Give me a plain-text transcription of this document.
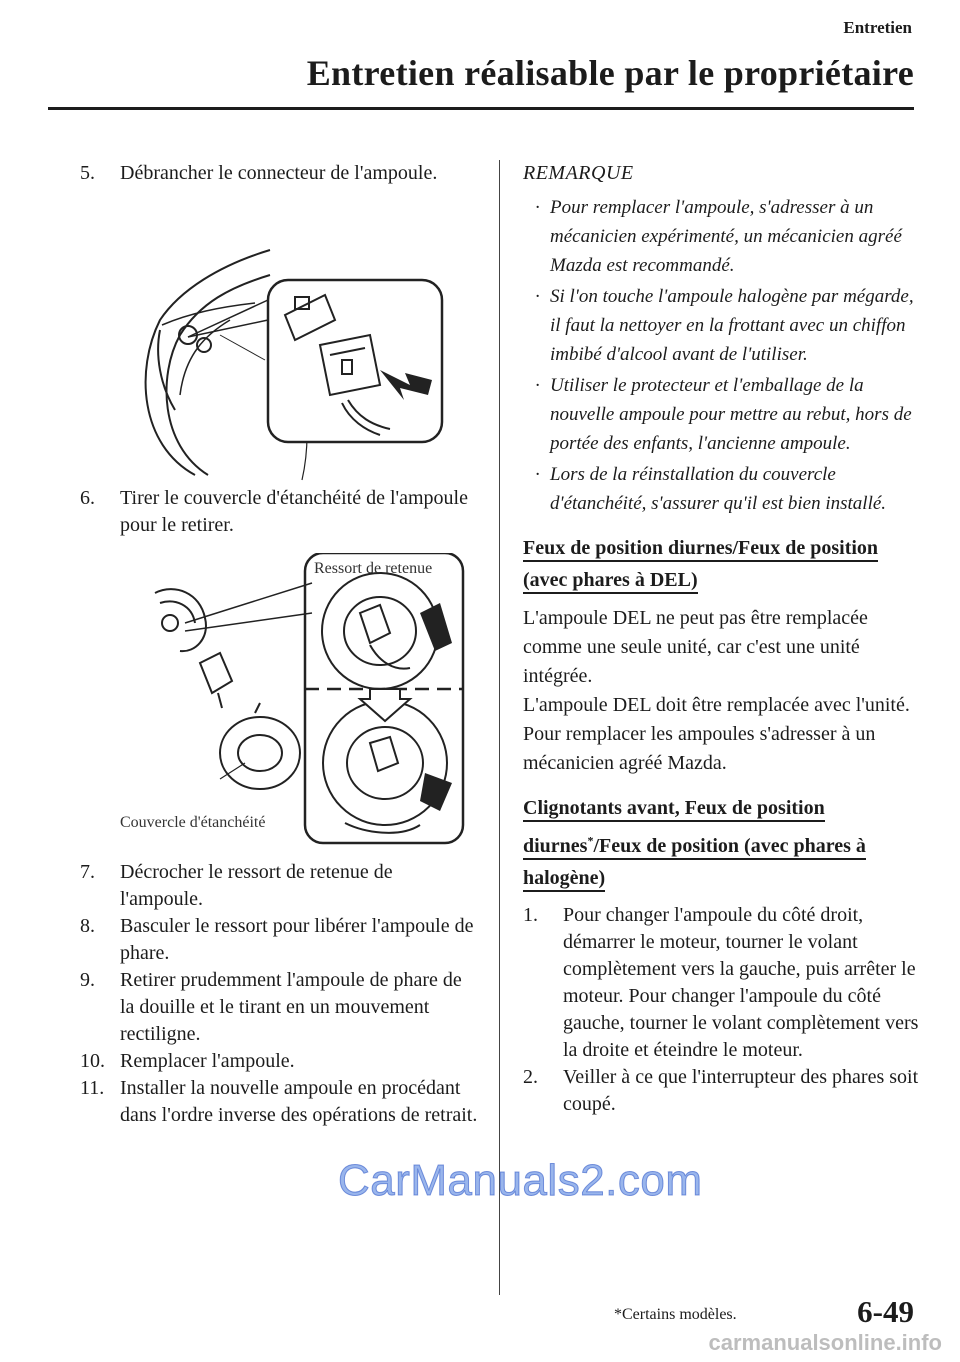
Entretien
Entretien réalisable par le propriétaire

5. Débrancher le connecteur de l'ampoule.

6. Tirer le couvercle d'étanchéité de l'ampoule pour le retirer.

Ressort de retenue
Couvercle d'étanchéité

7. Décrocher le ressort de retenue de l'ampoule.

8. Basculer le ressort pour libérer l'ampoule de phare.

9. Retirer prudemment l'ampoule de phare de la douille et le tirant en un mouvement rectiligne.

10. Remplacer l'ampoule.

11. Installer la nouvelle ampoule en procédant dans l'ordre inverse des opérations de retrait.

REMARQUE
· Pour remplacer l'ampoule, s'adresser à un mécanicien expérimenté, un mécanicien agréé Mazda est recommandé.
· Si l'on touche l'ampoule halogène par mégarde, il faut la nettoyer en la frottant avec un chiffon imbibé d'alcool avant de l'utiliser.
· Utiliser le protecteur et l'emballage de la nouvelle ampoule pour mettre au rebut, hors de portée des enfants, l'ancienne ampoule.
· Lors de la réinstallation du couvercle d'étanchéité, s'assurer qu'il est bien installé.
Feux de position diurnes/Feux de position (avec phares à DEL)

L'ampoule DEL ne peut pas être remplacée comme une seule unité, car c'est une unité intégrée.

L'ampoule DEL doit être remplacée avec l'unité. Pour remplacer les ampoules s'adresser à un mécanicien agréé Mazda.

Clignotants avant, Feux de position diurnes*/Feux de position (avec phares à halogène)

1. Pour changer l'ampoule du côté droit, démarrer le moteur, tourner le volant complètement vers la gauche, puis arrêter le moteur. Pour changer l'ampoule du côté gauche, tourner le volant complètement vers la droite et éteindre le moteur.

2. Veiller à ce que l'interrupteur des phares soit coupé.

*Certains modèles.	6-49
CarManuals2.com
carmanualsonline.info
